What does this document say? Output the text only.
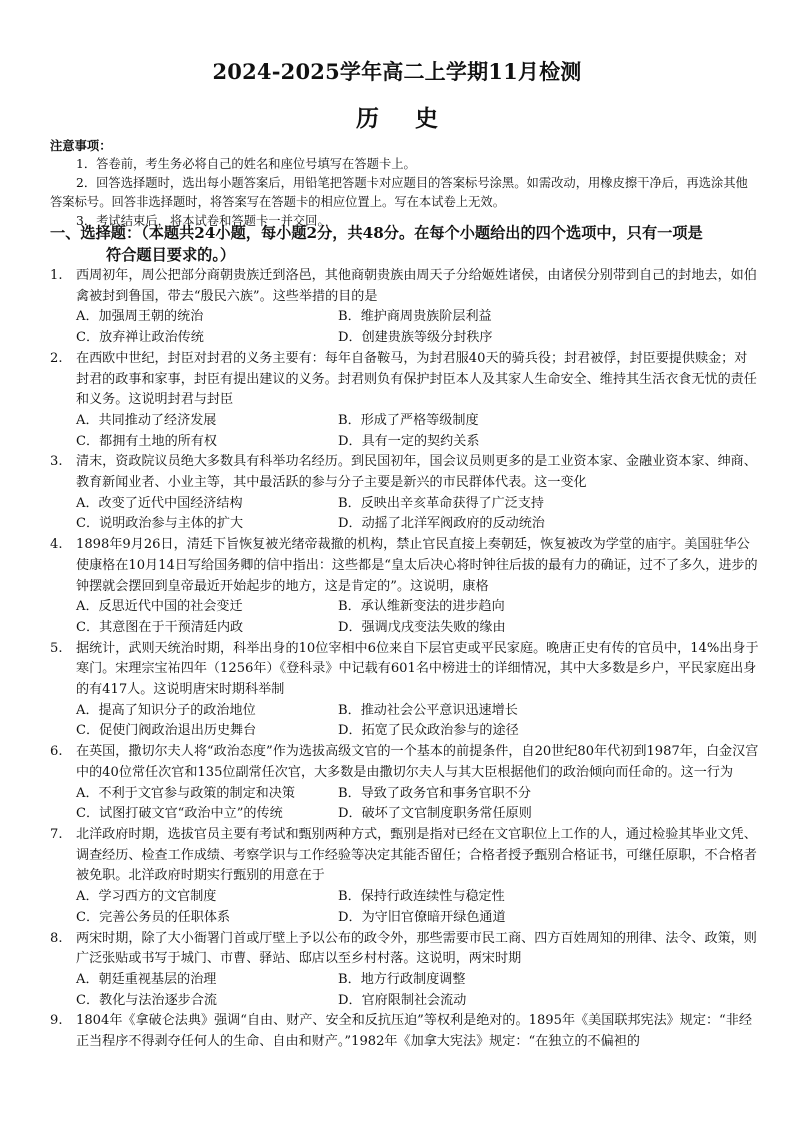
2024-2025学年高二上学期11月检测
历 史
注意事项：
1．答卷前，考生务必将自己的姓名和座位号填写在答题卡上。
2．回答选择题时，选出每小题答案后，用铅笔把答题卡对应题目的答案标号涂黑。如需改动，用橡皮擦干净后，再选涂其他答案标号。回答非选择题时，将答案写在答题卡的相应位置上。写在本试卷上无效。
3．考试结束后，将本试卷和答题卡一并交回。
一、选择题：（本题共24小题，每小题2分，共48分。在每个小题给出的四个选项中，只有一项是
符合题目要求的。）
1. 西周初年，周公把部分商朝贵族迁到洛邑，其他商朝贵族由周天子分给姬姓诸侯，由诸侯分别带到自己的封地去，如伯禽被封到鲁国，带去“殷民六族”。这些举措的目的是
A．加强周王朝的统治	B．维护商周贵族阶层利益
C．放弃禅让政治传统	D．创建贵族等级分封秩序
2. 在西欧中世纪，封臣对封君的义务主要有：每年自备鞍马，为封君服40天的骑兵役；封君被俘，封臣要提供赎金；对封君的政事和家事，封臣有提出建议的义务。封君则负有保护封臣本人及其家人生命安全、维持其生活衣食无忧的责任和义务。这说明封君与封臣
A．共同推动了经济发展	B．形成了严格等级制度
C．都拥有土地的所有权	D．具有一定的契约关系
3. 清末，资政院议员绝大多数具有科举功名经历。到民国初年，国会议员则更多的是工业资本家、金融业资本家、绅商、教育新闻业者、小业主等，其中最活跃的参与分子主要是新兴的市民群体代表。这一变化
A．改变了近代中国经济结构	B．反映出辛亥革命获得了广泛支持
C．说明政治参与主体的扩大	D．动摇了北洋军阀政府的反动统治
4. 1898年9月26日，清廷下旨恢复被光绪帝裁撤的机构，禁止官民直接上奏朝廷，恢复被改为学堂的庙宇。美国驻华公使康格在10月14日写给国务卿的信中指出：这些都是“皇太后决心将时钟往后拔的最有力的确证，过不了多久，进步的钟摆就会摆回到皇帝最近开始起步的地方，这是肯定的”。这说明，康格
A．反思近代中国的社会变迁	B．承认维新变法的进步趋向
C．其意图在于干预清廷内政	D．强调戊戌变法失败的缘由
5. 据统计，武则天统治时期，科举出身的10位宰相中6位来自下层官吏或平民家庭。晚唐正史有传的官员中，14%出身于寒门。宋理宗宝祐四年（1256年）《登科录》中记载有601名中榜进士的详细情况，其中大多数是乡户，平民家庭出身的有417人。这说明唐宋时期科举制
A．提高了知识分子的政治地位	B．推动社会公平意识迅速增长
C．促使门阀政治退出历史舞台	D．拓宽了民众政治参与的途径
6. 在英国，撒切尔夫人将“政治态度”作为选拔高级文官的一个基本的前提条件，自20世纪80年代初到1987年，白金汉宫中的40位常任次官和135位副常任次官，大多数是由撒切尔夫人与其大臣根据他们的政治倾向而任命的。这一行为
A．不利于文官参与政策的制定和决策	B．导致了政务官和事务官职不分
C．试图打破文官“政治中立”的传统	D．破坏了文官制度职务常任原则
7. 北洋政府时期，选拔官员主要有考试和甄别两种方式，甄别是指对已经在文官职位上工作的人，通过检验其毕业文凭、调查经历、检查工作成绩、考察学识与工作经验等决定其能否留任；合格者授予甄别合格证书，可继任原职，不合格者被免职。北洋政府时期实行甄别的用意在于
A．学习西方的文官制度	B．保持行政连续性与稳定性
C．完善公务员的任职体系	D．为守旧官僚暗开绿色通道
8. 两宋时期，除了大小衙署门首或厅壁上予以公布的政令外，那些需要市民工商、四方百姓周知的刑律、法令、政策，则广泛张贴或书写于城门、市曹、驿站、邸店以至乡村村落。这说明，两宋时期
A．朝廷重视基层的治理	B．地方行政制度调整
C．教化与法治逐步合流	D．官府限制社会流动
9. 1804年《拿破仑法典》强调“自由、财产、安全和反抗压迫”等权利是绝对的。1895年《美国联邦宪法》规定：“非经正当程序不得剥夺任何人的生命、自由和财产。”1982年《加拿大宪法》规定：“在独立的不偏袒的
